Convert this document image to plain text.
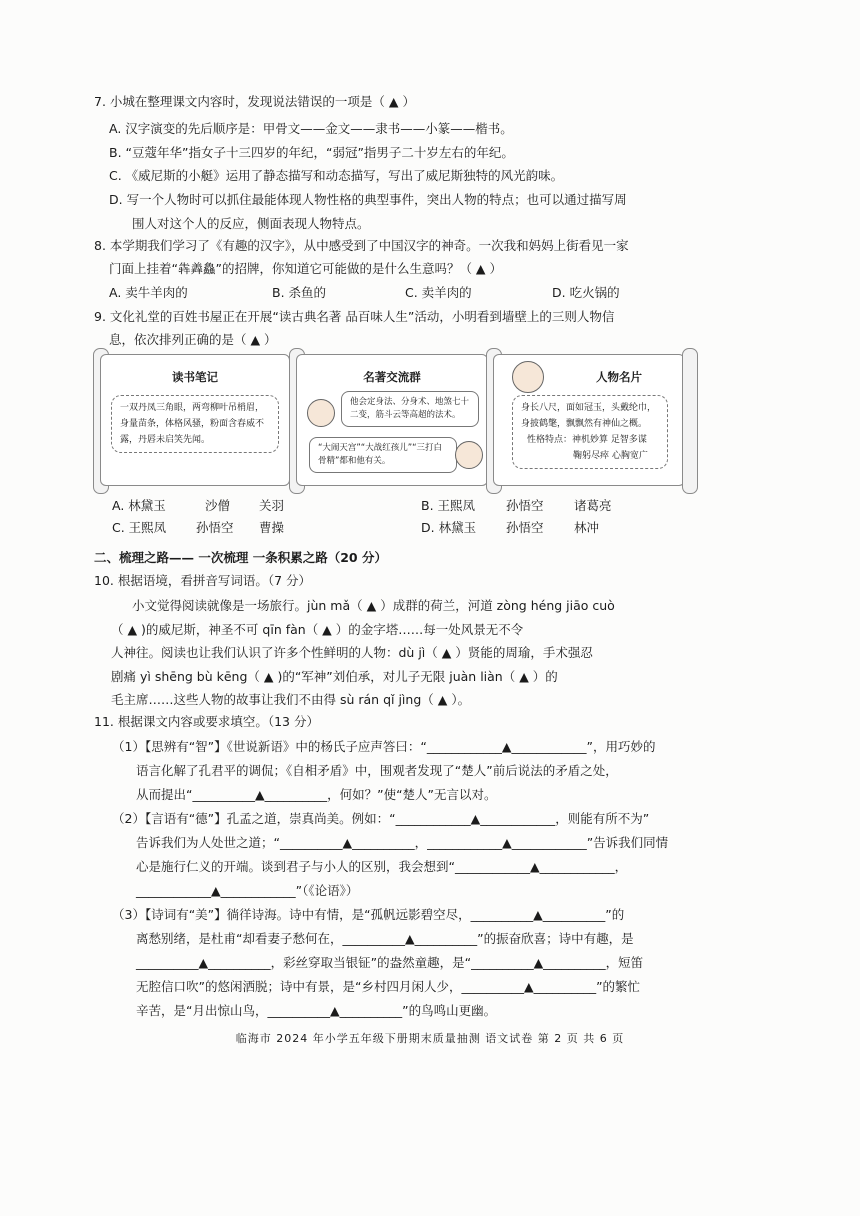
7. 小城在整理课文内容时，发现说法错误的一项是（ ▲ ）
A. 汉字演变的先后顺序是：甲骨文——金文——隶书——小篆——楷书。
B. “豆蔻年华”指女子十三四岁的年纪，“弱冠”指男子二十岁左右的年纪。
C. 《威尼斯的小艇》运用了静态描写和动态描写，写出了威尼斯独特的风光韵味。
D. 写一个人物时可以抓住最能体现人物性格的典型事件，突出人物的特点；也可以通过描写周
围人对这个人的反应，侧面表现人物特点。
8. 本学期我们学习了《有趣的汉字》，从中感受到了中国汉字的神奇。一次我和妈妈上街看见一家
门面上挂着“犇羴鱻”的招牌，你知道它可能做的是什么生意吗？（ ▲ ）
A. 卖牛羊肉的	B. 杀鱼的	C. 卖羊肉的	D. 吃火锅的
9. 文化礼堂的百姓书屋正在开展“读古典名著 品百味人生”活动，小明看到墙壁上的三则人物信
息，依次排列正确的是（ ▲ ）
读书笔记
一双丹凤三角眼，两弯柳叶吊梢眉，身量苗条，体格风骚，粉面含春威不露，丹唇未启笑先闻。
名著交流群
他会定身法、分身术、地煞七十二变，筋斗云等高超的法术。
“大闹天宫”“大战红孩儿”“三打白骨精”都和他有关。
人物名片
身长八尺，面如冠玉，头戴纶巾，身披鹤氅，飘飘然有神仙之概。
性格特点：神机妙算 足智多谋
鞠躬尽瘁 心胸宽广
A. 林黛玉	沙僧 关羽	B. 王熙凤 孙悟空 诸葛亮
C. 王熙凤 孙悟空 曹操	D. 林黛玉 孙悟空 林冲
二、梳理之路—— 一次梳理 一条积累之路（20 分）
10. 根据语境，看拼音写词语。（7 分）
小文觉得阅读就像是一场旅行。jùn mǎ（ ▲ ）成群的荷兰，河道 zòng héng jiāo cuò
（ ▲ )的威尼斯，神圣不可 qīn fàn（ ▲ ）的金字塔……每一处风景无不令
人神往。阅读也让我们认识了许多个性鲜明的人物：dù jì（ ▲ ）贤能的周瑜，手术强忍
剧痛 yì shēng bù kēng（ ▲ )的“军神”刘伯承，对儿子无限 juàn liàn（ ▲ ）的
毛主席……这些人物的故事让我们不由得 sù rán qǐ jìng（ ▲ ）。
11. 根据课文内容或要求填空。（13 分）
（1）【思辨有“智”】《世说新语》中的杨氏子应声答曰：“____________▲____________”，用巧妙的
语言化解了孔君平的调侃；《自相矛盾》中，围观者发现了“楚人”前后说法的矛盾之处，
从而提出“__________▲__________，何如？”使“楚人”无言以对。
（2）【言语有“德”】孔孟之道，崇真尚美。例如：“____________▲____________，则能有所不为”
告诉我们为人处世之道；“__________▲__________，____________▲____________”告诉我们同情
心是施行仁义的开端。谈到君子与小人的区别，我会想到“____________▲____________，
____________▲____________”（《论语》）
（3）【诗词有“美”】徜徉诗海。诗中有情，是“孤帆远影碧空尽，__________▲__________”的
离愁别绪，是杜甫“却看妻子愁何在，__________▲__________”的振奋欣喜；诗中有趣，是
__________▲__________，彩丝穿取当银钲”的盎然童趣，是“__________▲__________，短笛
无腔信口吹”的悠闲洒脱；诗中有景，是“乡村四月闲人少，__________▲__________”的繁忙
辛苦，是“月出惊山鸟，__________▲__________”的鸟鸣山更幽。
临海市 2024 年小学五年级下册期末质量抽测 语文试卷 第 2 页 共 6 页
